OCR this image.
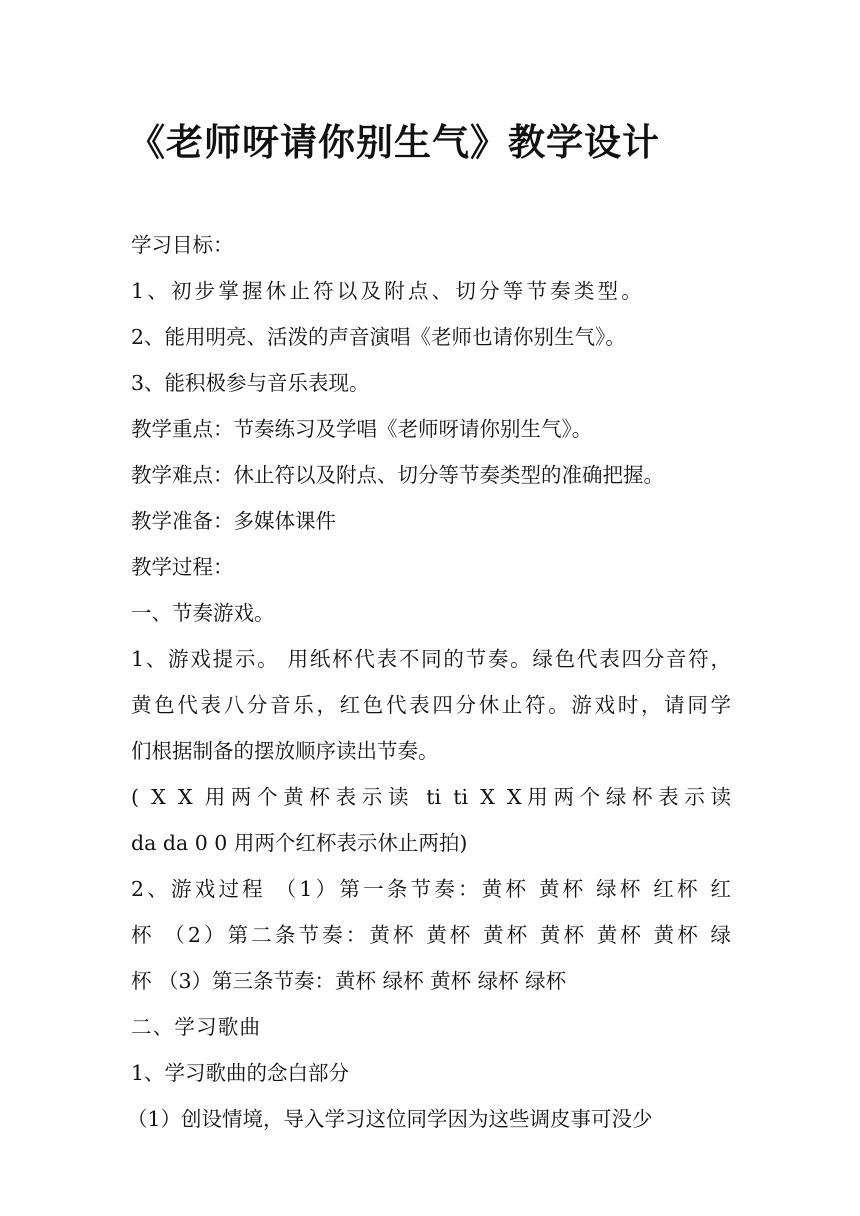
《老师呀请你别生气》教学设计

学习目标：

1、初步掌握休止符以及附点、切分等节奏类型。

2、能用明亮、活泼的声音演唱《老师也请你别生气》。

3、能积极参与音乐表现。

教学重点：节奏练习及学唱《老师呀请你别生气》。

教学难点：休止符以及附点、切分等节奏类型的准确把握。

教学准备：多媒体课件

教学过程：

一、节奏游戏。

1、游戏提示。 用纸杯代表不同的节奏。绿色代表四分音符，

黄色代表八分音乐，红色代表四分休止符。游戏时，请同学

们根据制备的摆放顺序读出节奏。

( X X 用两个黄杯表示读 ti ti X X用两个绿杯表示读

da da 0 0 用两个红杯表示休止两拍)

2、游戏过程 （1）第一条节奏：黄杯 黄杯 绿杯 红杯 红

杯 （2）第二条节奏：黄杯 黄杯 黄杯 黄杯 黄杯 黄杯 绿

杯 （3）第三条节奏：黄杯 绿杯 黄杯 绿杯 绿杯

二、学习歌曲

1、学习歌曲的念白部分

（1）创设情境，导入学习这位同学因为这些调皮事可没少
